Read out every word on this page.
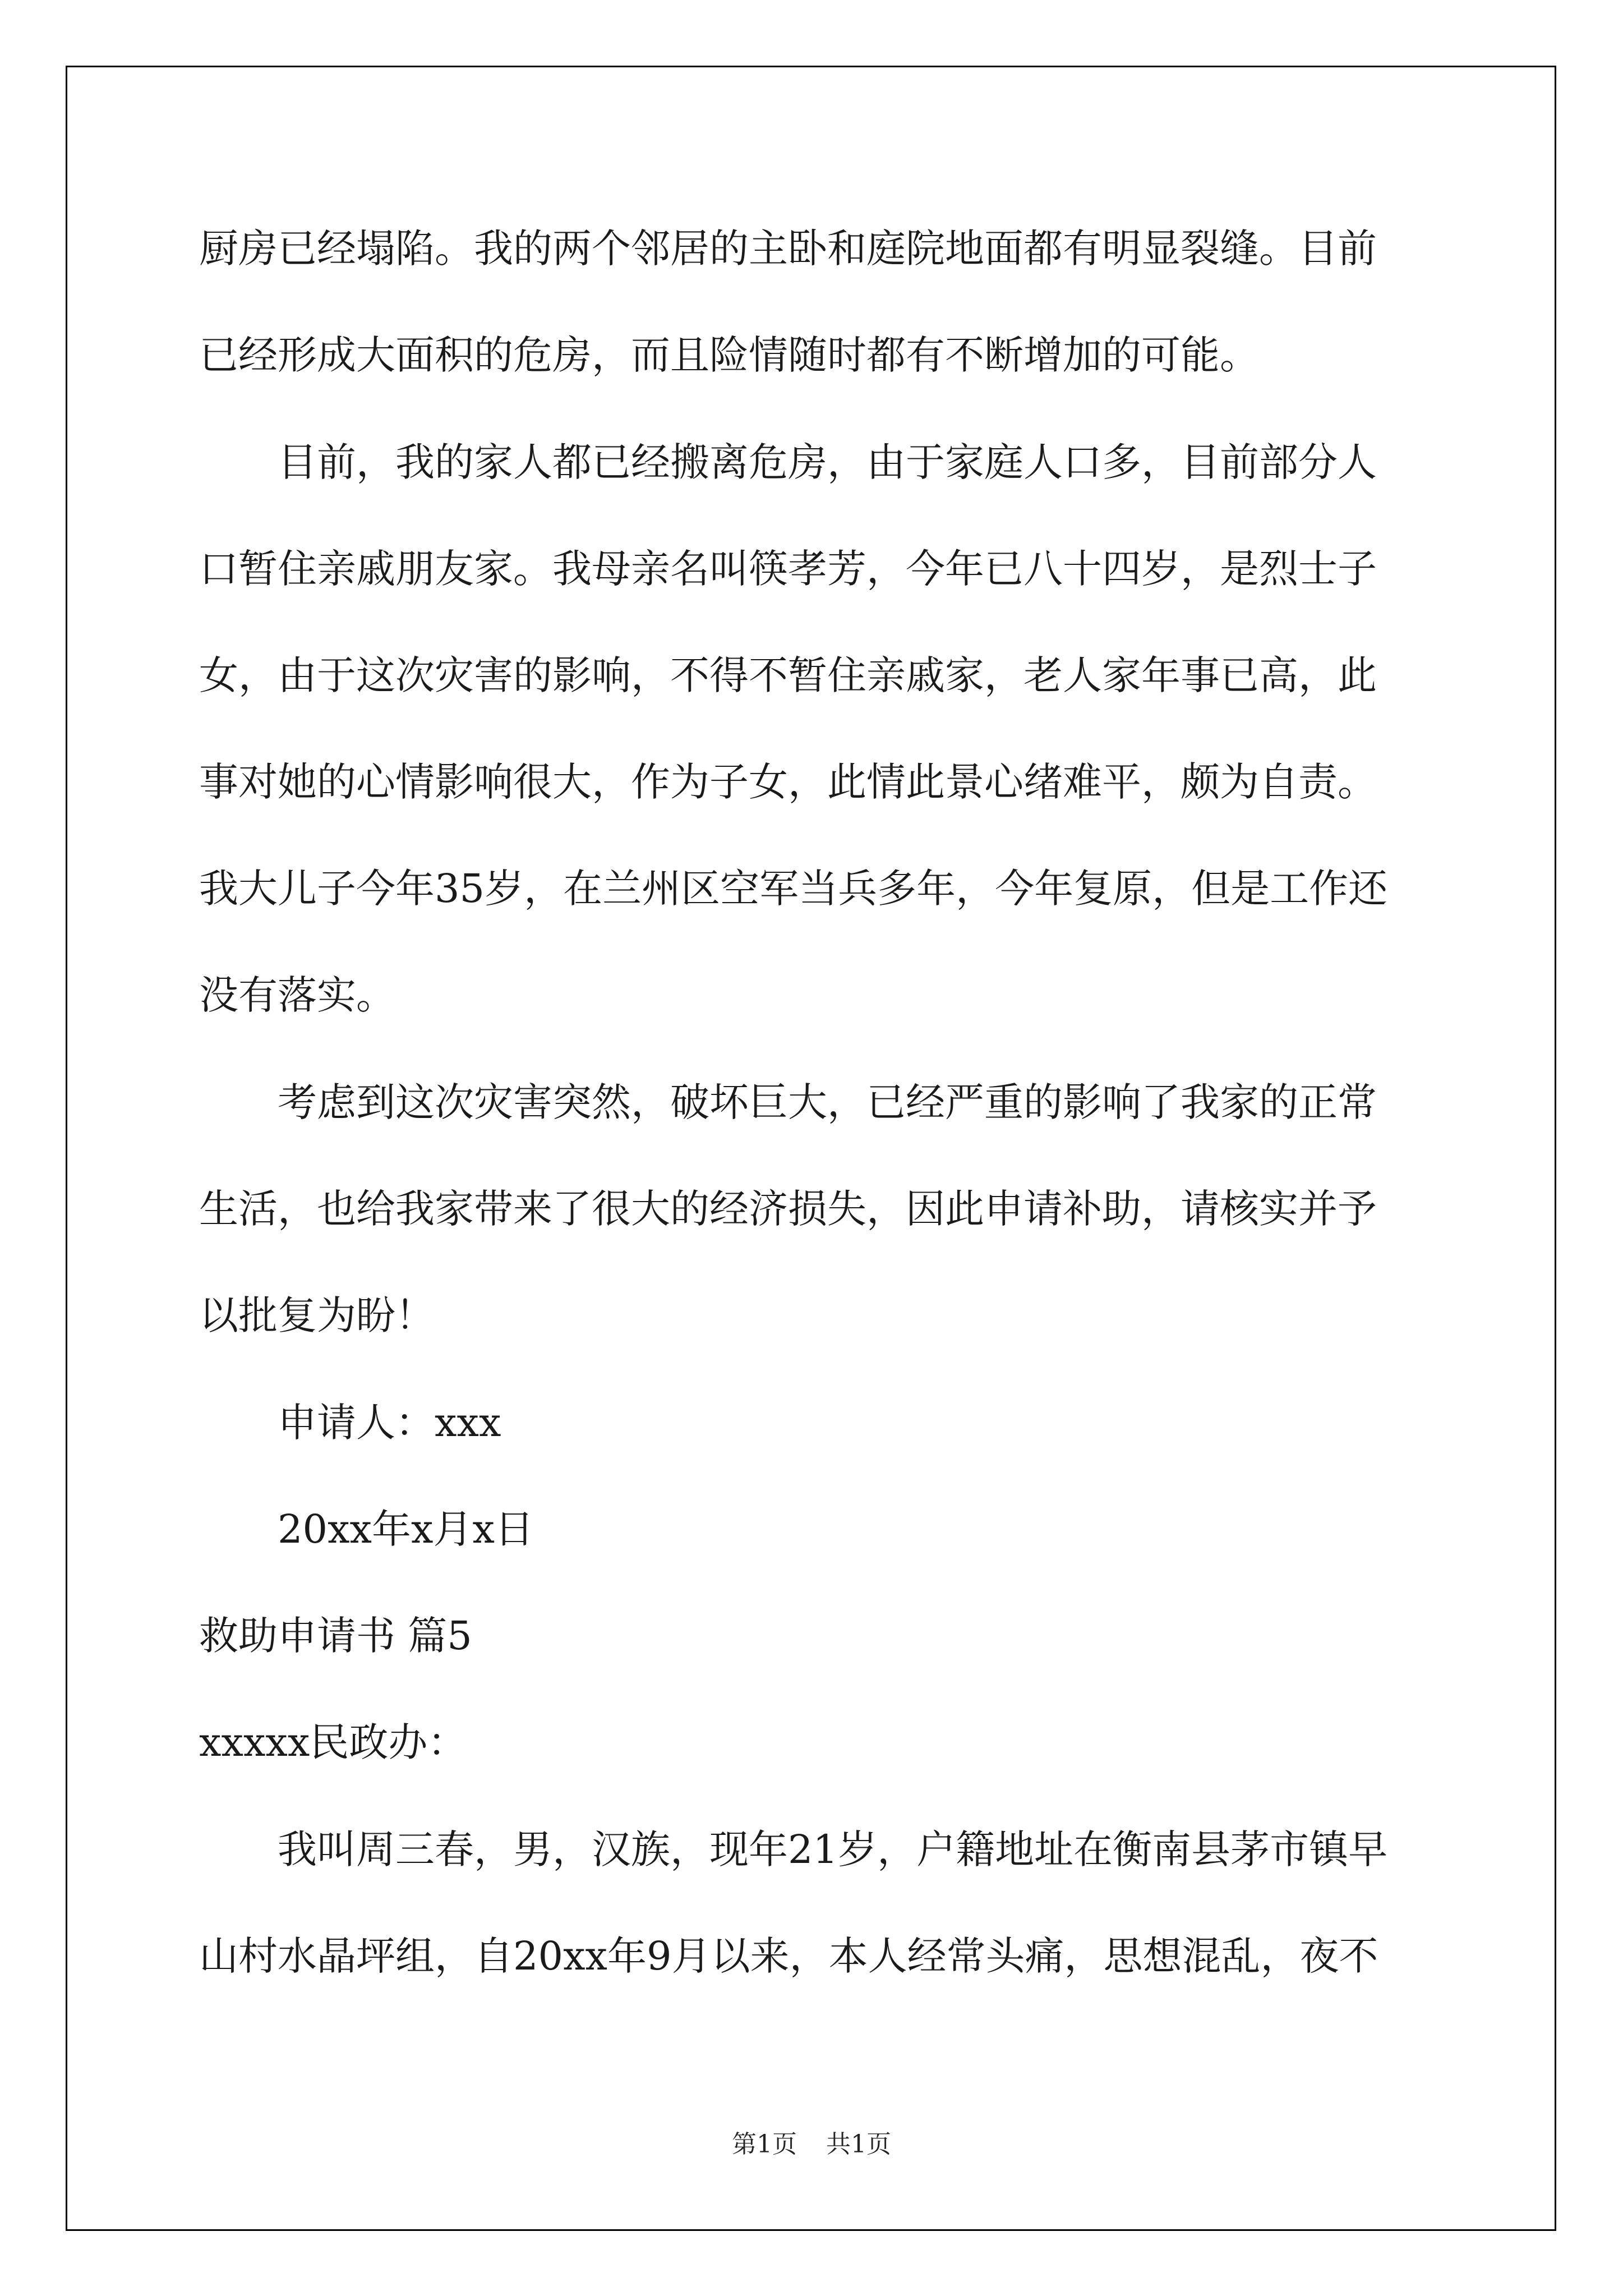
厨房已经塌陷。我的两个邻居的主卧和庭院地面都有明显裂缝。目前
已经形成大面积的危房，而且险情随时都有不断增加的可能。
目前，我的家人都已经搬离危房，由于家庭人口多，目前部分人
口暂住亲戚朋友家。我母亲名叫筷孝芳，今年已八十四岁，是烈士子
女，由于这次灾害的影响，不得不暂住亲戚家，老人家年事已高，此
事对她的心情影响很大，作为子女，此情此景心绪难平，颇为自责。
我大儿子今年35岁，在兰州区空军当兵多年，今年复原，但是工作还
没有落实。
考虑到这次灾害突然，破坏巨大，已经严重的影响了我家的正常
生活，也给我家带来了很大的经济损失，因此申请补助，请核实并予
以批复为盼！
申请人：xxx
20xx年x月x日
救助申请书 篇5
xxxxx民政办：
我叫周三春，男，汉族，现年21岁，户籍地址在衡南县茅市镇早
山村水晶坪组，自20xx年9月以来，本人经常头痛，思想混乱，夜不
第1页 共1页
